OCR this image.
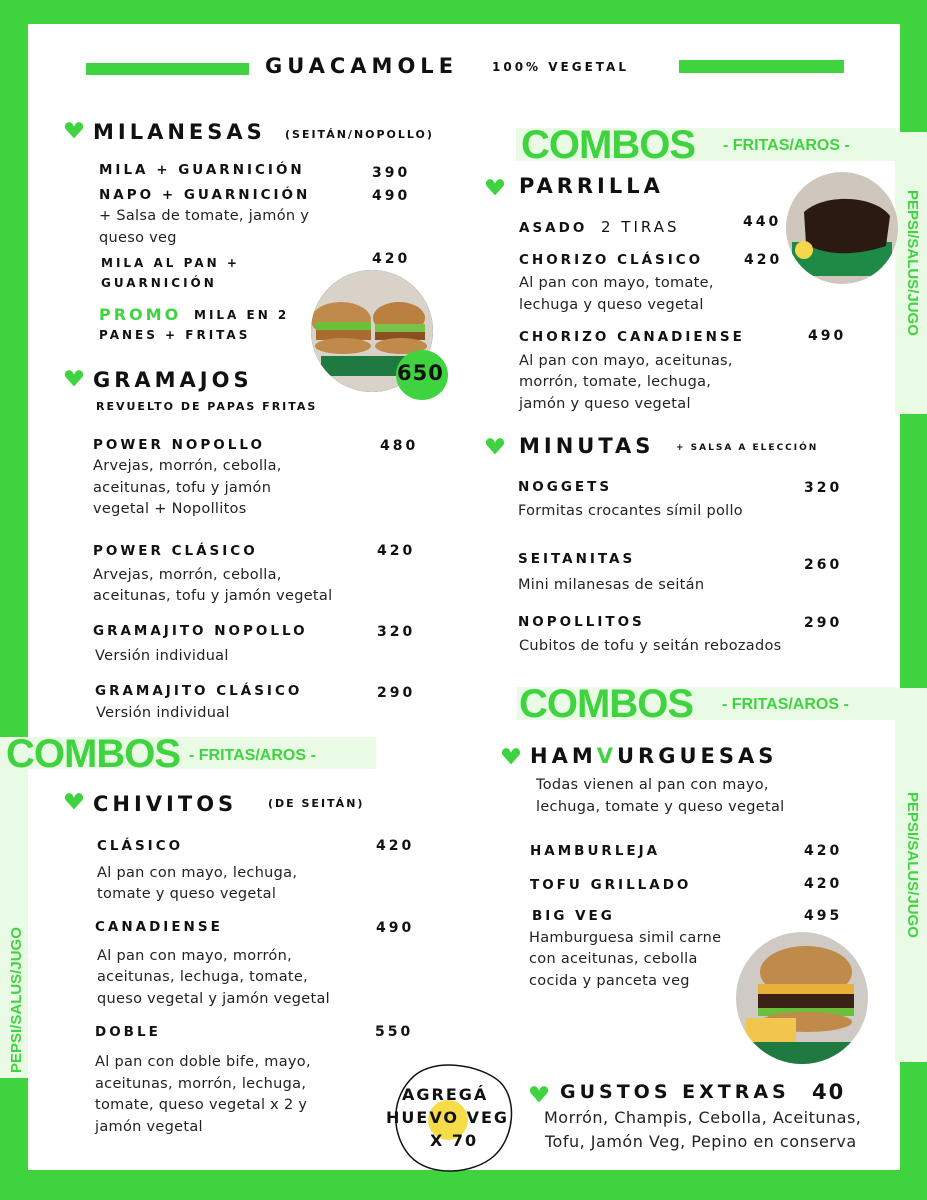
GUACAMOLE	100% VEGETAL
PEPSI/SALUS/JUGO
PEPSI/SALUS/JUGO
PEPSI/SALUS/JUGO
MILANESAS (SEITÁN/NOPOLLO)
MILA + GUARNICIÓN	390
NAPO + GUARNICIÓN	490
+ Salsa de tomate, jamón y
queso veg
MILA AL PAN +
GUARNICIÓN
420
PROMO MILA EN 2
PANES + FRITAS
650
GRAMAJOS
REVUELTO DE PAPAS FRITAS
POWER NOPOLLO	480
Arvejas, morrón, cebolla,
aceitunas, tofu y jamón
vegetal + Nopollitos
POWER CLÁSICO	420
Arvejas, morrón, cebolla,
aceitunas, tofu y jamón vegetal
GRAMAJITO NOPOLLO	320
Versión individual
GRAMAJITO CLÁSICO	290
Versión individual
COMBOS - FRITAS/AROS -
CHIVITOS	(DE SEITÁN)
CLÁSICO	420
Al pan con mayo, lechuga,
tomate y queso vegetal
CANADIENSE	490
Al pan con mayo, morrón,
aceitunas, lechuga, tomate,
queso vegetal y jamón vegetal
DOBLE	550
Al pan con doble bife, mayo,
aceitunas, morrón, lechuga,
tomate, queso vegetal x 2 y
jamón vegetal
AGREGÁ
HUEVO VEG
X 70
COMBOS - FRITAS/AROS -
PARRILLA
ASADO 2 TIRAS	440
CHORIZO CLÁSICO	420
Al pan con mayo, tomate,
lechuga y queso vegetal
CHORIZO CANADIENSE	490
Al pan con mayo, aceitunas,
morrón, tomate, lechuga,
jamón y queso vegetal
MINUTAS + SALSA A ELECCIÓN
NOGGETS	320
Formitas crocantes símil pollo
SEITANITAS	260
Mini milanesas de seitán
NOPOLLITOS	290
Cubitos de tofu y seitán rebozados
COMBOS - FRITAS/AROS -
HAMVURGUESAS
Todas vienen al pan con mayo,
lechuga, tomate y queso vegetal
HAMBURLEJA	420
TOFU GRILLADO	420
BIG VEG	495
Hamburguesa simil carne
con aceitunas, cebolla
cocida y panceta veg
GUSTOS EXTRAS 40
Morrón, Champis, Cebolla, Aceitunas,
Tofu, Jamón Veg, Pepino en conserva
